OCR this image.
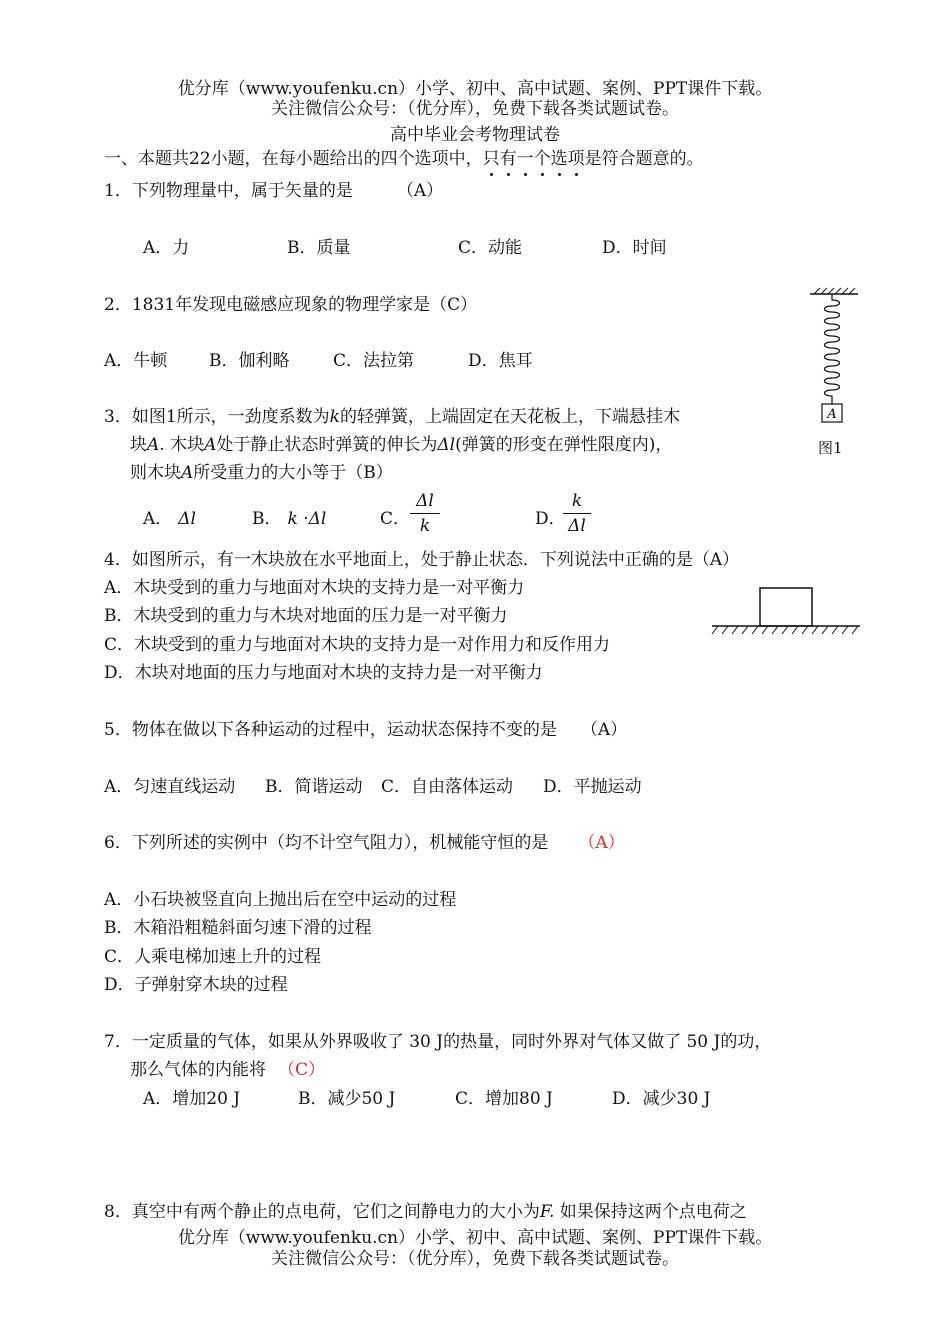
优分库（www.youfenku.cn）小学、初中、高中试题、案例、PPT课件下载。
关注微信公众号：（优分库），免费下载各类试题试卷。
高中毕业会考物理试卷
一、本题共22小题，在每小题给出的四个选项中，只有一个选项是符合题意的。
1．下列物理量中，属于矢量的是	（A）
A．力	B．质量	C．动能	D．时间
2．1831年发现电磁感应现象的物理学家是（C）
A．牛顿 B．伽利略	C．法拉第	D．焦耳
A
图1
3．如图1所示，一劲度系数为k的轻弹簧，上端固定在天花板上，下端悬挂木
块A. 木块A处于静止状态时弹簧的伸长为Δl(弹簧的形变在弹性限度内)，
则木块A所受重力的大小等于（B）
A． Δl	B． k ·Δl	C．
Δl
k	D．
k
Δl
4．如图所示，有一木块放在水平地面上，处于静止状态．下列说法中正确的是（A）
A．木块受到的重力与地面对木块的支持力是一对平衡力
B．木块受到的重力与木块对地面的压力是一对平衡力
C．木块受到的重力与地面对木块的支持力是一对作用力和反作用力
D．木块对地面的压力与地面对木块的支持力是一对平衡力
5．物体在做以下各种运动的过程中，运动状态保持不变的是 （A）
A．匀速直线运动 B．简谐运动 C．自由落体运动 D．平抛运动
6．下列所述的实例中（均不计空气阻力），机械能守恒的是 （A）
A．小石块被竖直向上抛出后在空中运动的过程
B．木箱沿粗糙斜面匀速下滑的过程
C．人乘电梯加速上升的过程
D．子弹射穿木块的过程
7．一定质量的气体，如果从外界吸收了 30 J的热量，同时外界对气体又做了 50 J的功，
那么气体的内能将 （C）
A．增加20 J	B．减少50 J	C．增加80 J	D．减少30 J
8．真空中有两个静止的点电荷，它们之间静电力的大小为F. 如果保持这两个点电荷之
优分库（www.youfenku.cn）小学、初中、高中试题、案例、PPT课件下载。
关注微信公众号：（优分库），免费下载各类试题试卷。
